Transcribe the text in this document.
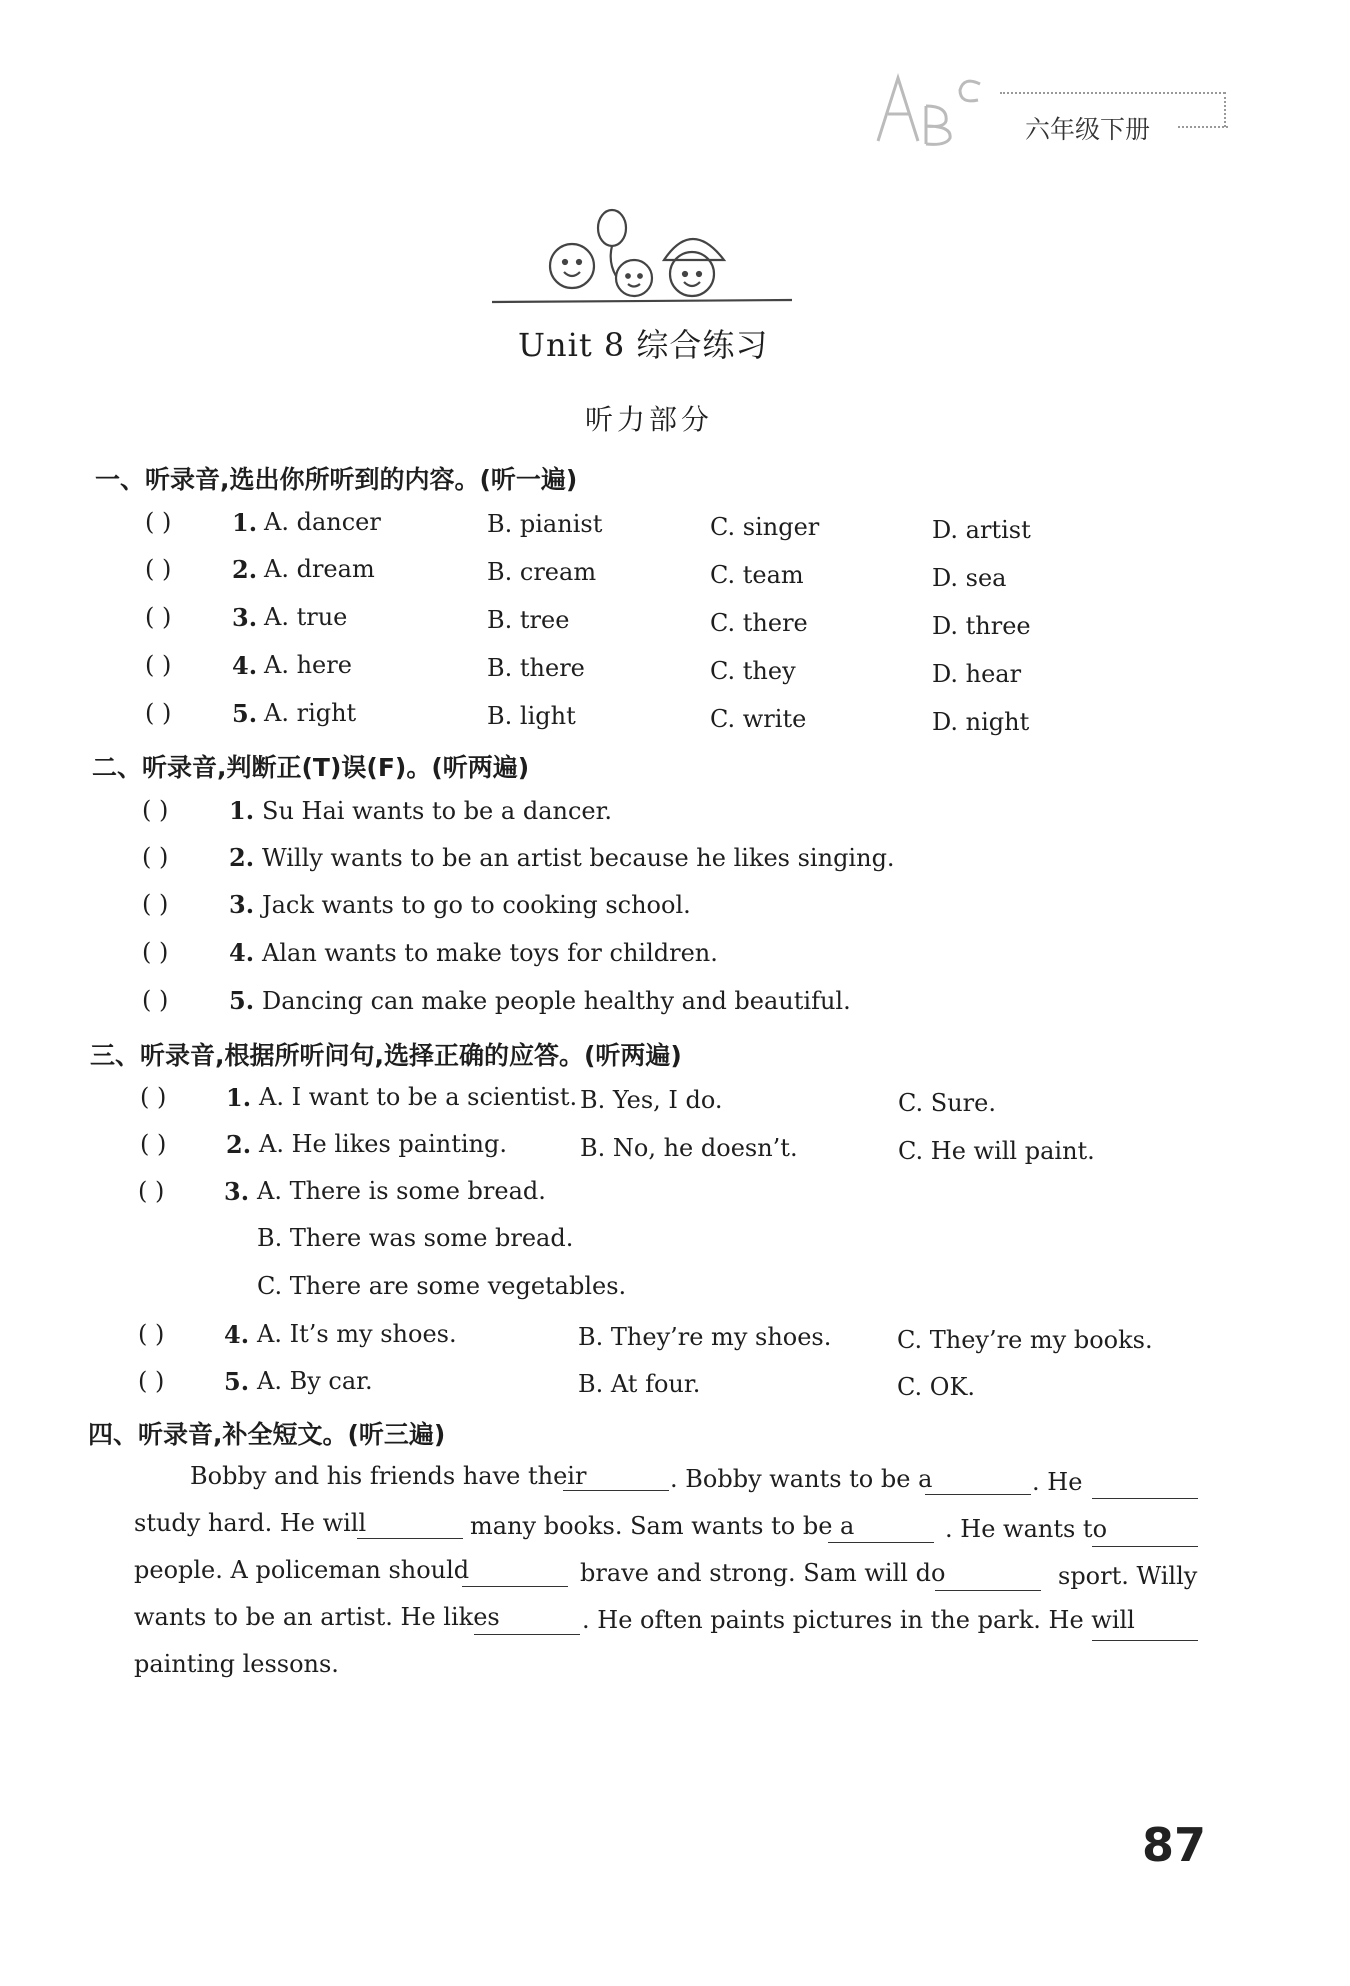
六年级下册
Unit 8 综合练习
听力部分
一、听录音,选出你所听到的内容。(听一遍)
( )	1. A. dancer	B. pianist	C. singer	D. artist
( )	2. A. dream	B. cream	C. team	D. sea
( )	3. A. true	B. tree	C. there	D. three
( )	4. A. here	B. there	C. they	D. hear
( )	5. A. right	B. light	C. write	D. night
二、听录音,判断正(T)误(F)。(听两遍)
( )	1. Su Hai wants to be a dancer.
( )	2. Willy wants to be an artist because he likes singing.
( )	3. Jack wants to go to cooking school.
( )	4. Alan wants to make toys for children.
( )	5. Dancing can make people healthy and beautiful.
三、听录音,根据所听问句,选择正确的应答。(听两遍)
( ) 1. A. I want to be a scientist. B. Yes, I do.	C. Sure.
( ) 2. A. He likes painting.	B. No, he doesn’t.	C. He will paint.
( ) 3. A. There is some bread.
B. There was some bread.
C. There are some vegetables.
( ) 4. A. It’s my shoes.	B. They’re my shoes.	C. They’re my books.
( ) 5. A. By car.	B. At four.	C. OK.
四、听录音,补全短文。(听三遍)
Bobby and his friends have their	. Bobby wants to be a	. He
study hard. He will	many books. Sam wants to be a	. He wants to
people. A policeman should	brave and strong. Sam will do	sport. Willy
wants to be an artist. He likes	. He often paints pictures in the park. He will
painting lessons.
87
